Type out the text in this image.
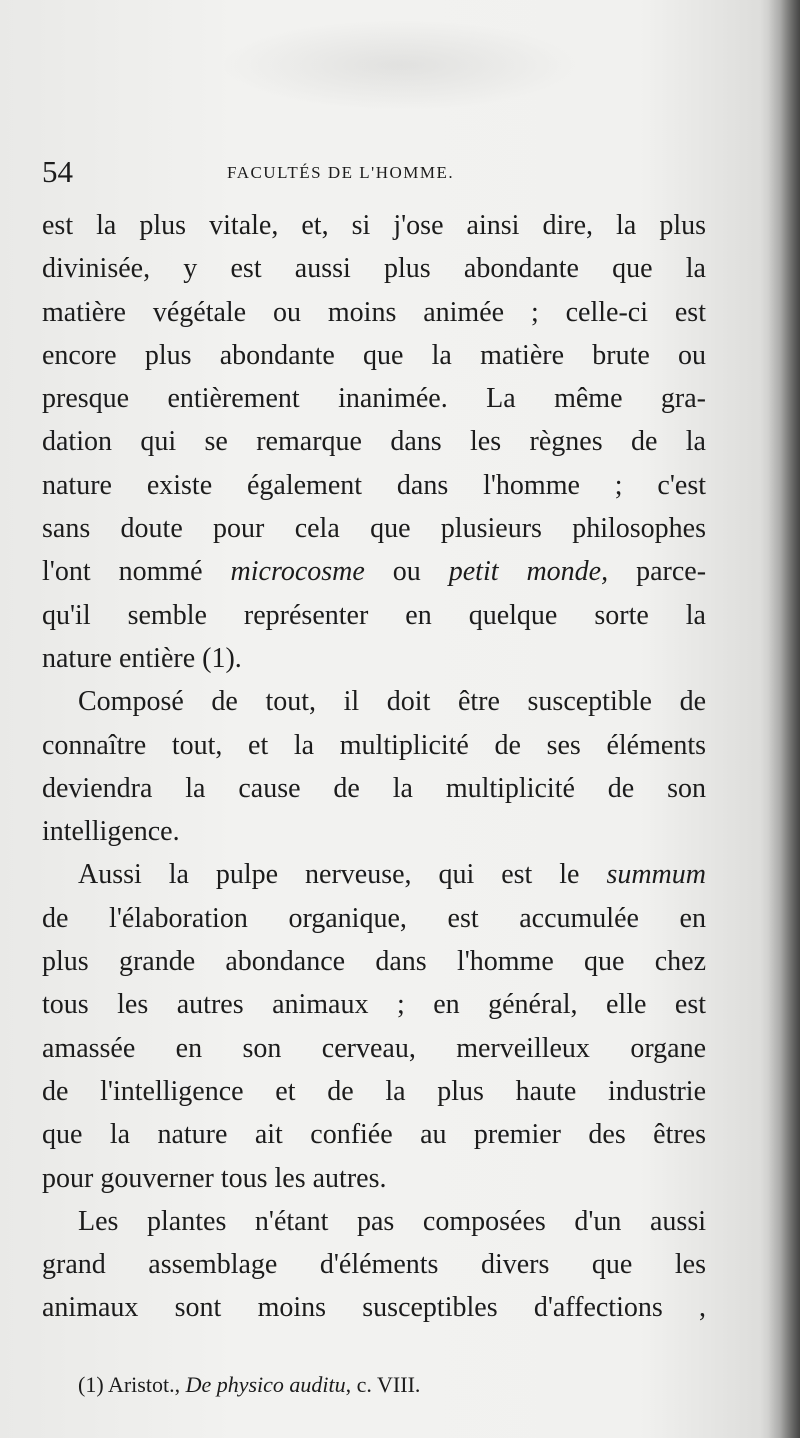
54	FACULTÉS DE L'HOMME.
est la plus vitale, et, si j'ose ainsi dire, la plus
divinisée, y est aussi plus abondante que la
matière végétale ou moins animée ; celle-ci est
encore plus abondante que la matière brute ou
presque entièrement inanimée. La même gra-
dation qui se remarque dans les règnes de la
nature existe également dans l'homme ; c'est
sans doute pour cela que plusieurs philosophes
l'ont nommé microcosme ou petit monde, parce-
qu'il semble représenter en quelque sorte la
nature entière (1).
Composé de tout, il doit être susceptible de
connaître tout, et la multiplicité de ses éléments
deviendra la cause de la multiplicité de son
intelligence.
Aussi la pulpe nerveuse, qui est le summum
de l'élaboration organique, est accumulée en
plus grande abondance dans l'homme que chez
tous les autres animaux ; en général, elle est
amassée en son cerveau, merveilleux organe
de l'intelligence et de la plus haute industrie
que la nature ait confiée au premier des êtres
pour gouverner tous les autres.
Les plantes n'étant pas composées d'un aussi
grand assemblage d'éléments divers que les
animaux sont moins susceptibles d'affections ,
(1) Aristot., De physico auditu, c. VIII.
